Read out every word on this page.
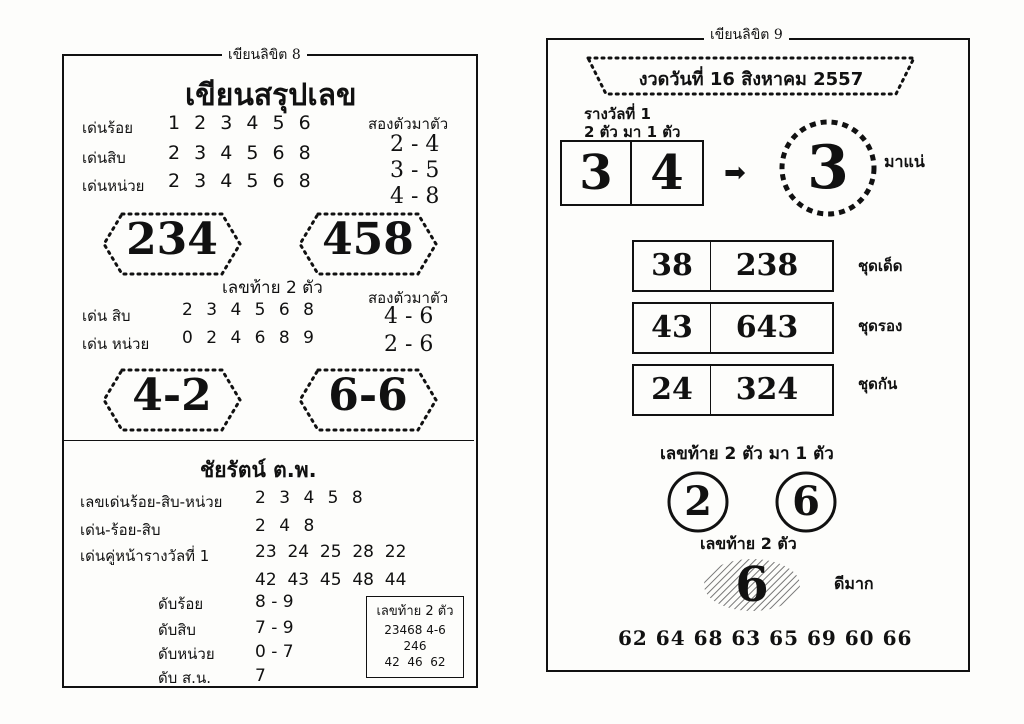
เขียนลิขิต 8
เขียนสรุปเลข
เด่นร้อย 1 2 3 4 5 6
เด่นสิบ 2 3 4 5 6 8
เด่นหน่วย 2 3 4 5 6 8
สองตัวมาตัว
2 - 4
3 - 5
4 - 8
234	458
เลขท้าย 2 ตัว	สองตัวมาตัว
เด่น สิบ	2 3 4 5 6 8
เด่น หน่วย 0 2 4 6 8 9
4 - 6
2 - 6
4-2	6-6
ชัยรัตน์ ต.พ.
เลขเด่นร้อย-สิบ-หน่วย 2 3 4 5 8
เด่น-ร้อย-สิบ	2 4 8
เด่นคู่หน้ารางวัลที่ 1	23  24  25  28  22
42  43  45  48  44
ดับร้อย	8 - 9
ดับสิบ	7 - 9
ดับหน่วย 0 - 7
ดับ ส.น.	7
เลขท้าย 2 ตัว
23468 4-6
246
42  46  62
เขียนลิขิต 9
งวดวันที่ 16 สิงหาคม 2557
รางวัลที่ 1
2 ตัว มา 1 ตัว
3 4	➡	3	มาแน่
38	238	ชุดเด็ด
43	643	ชุดรอง
24	324	ชุดกัน
เลขท้าย 2 ตัว มา 1 ตัว
2	6
เลขท้าย 2 ตัว
6	ดีมาก
62 64 68 63 65 69 60 66
